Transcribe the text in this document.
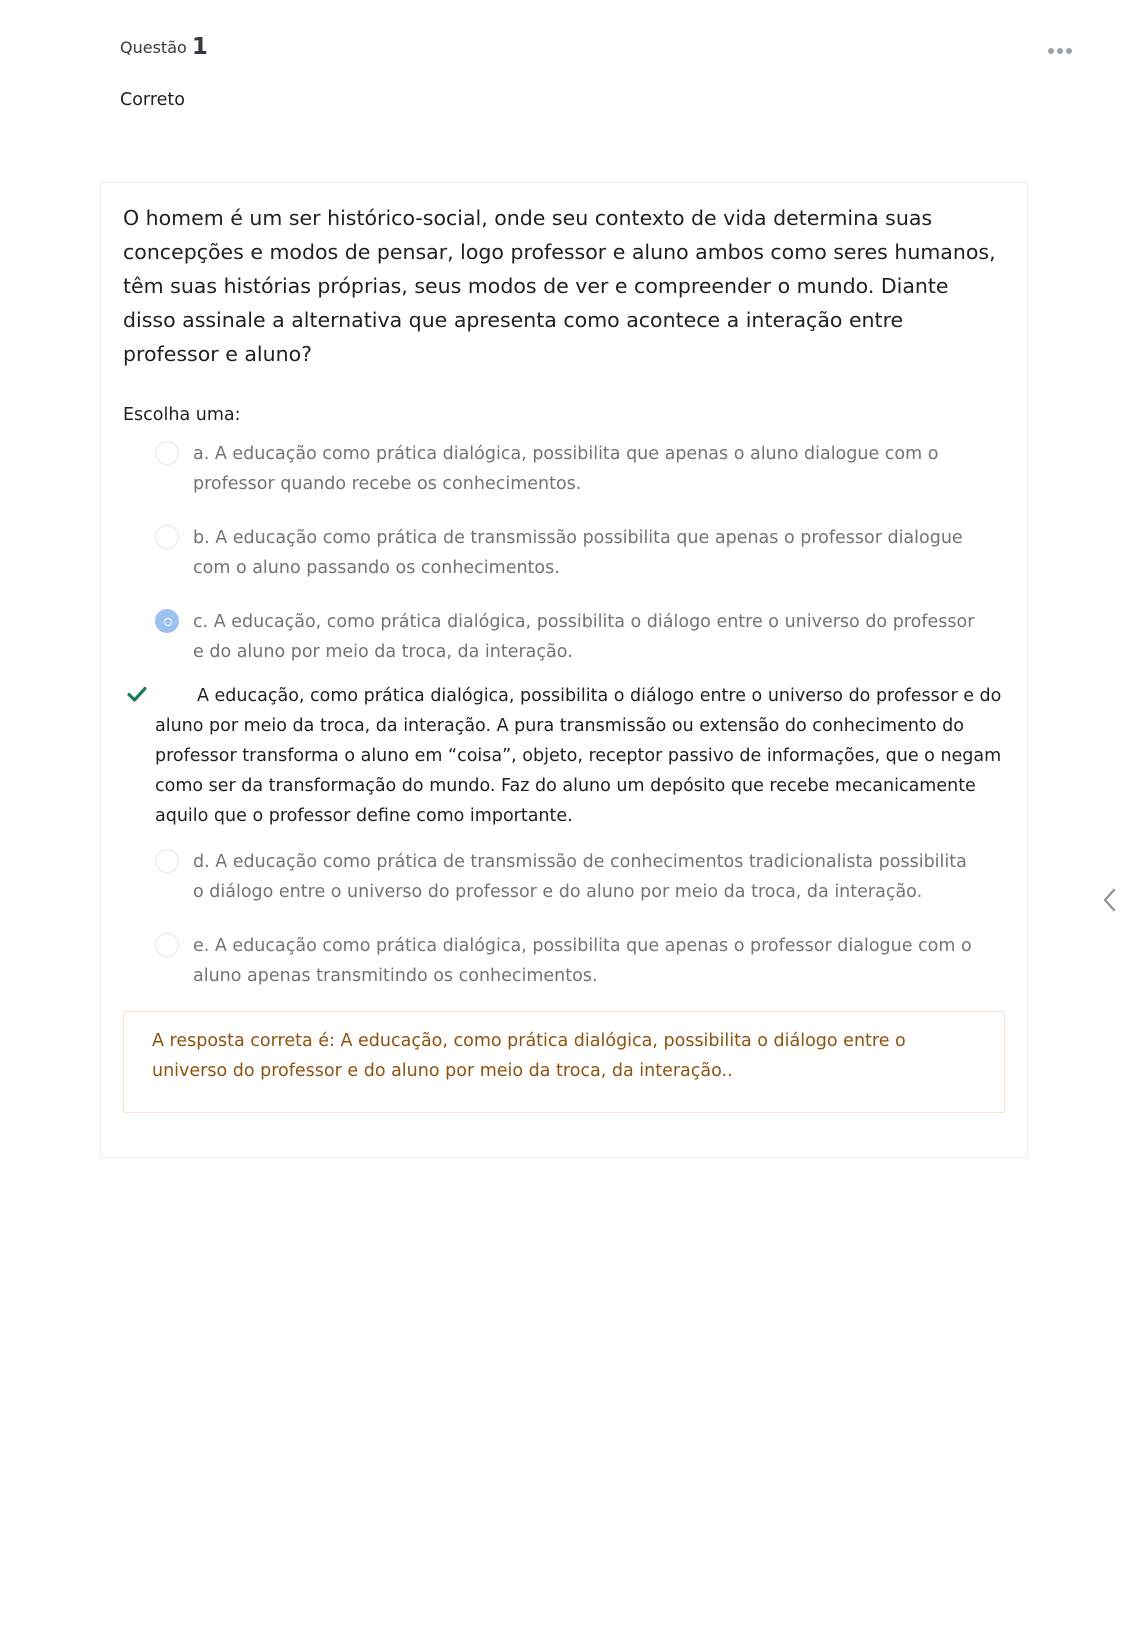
Questão 1
Correto
O homem é um ser histórico-social, onde seu contexto de vida determina suas concepções e modos de pensar, logo professor e aluno ambos como seres humanos, têm suas histórias próprias, seus modos de ver e compreender o mundo. Diante disso assinale a alternativa que apresenta como acontece a interação entre professor e aluno?
Escolha uma:
a. A educação como prática dialógica, possibilita que apenas o aluno dialogue com o professor quando recebe os conhecimentos.
b. A educação como prática de transmissão possibilita que apenas o professor dialogue com o aluno passando os conhecimentos.
c. A educação, como prática dialógica, possibilita o diálogo entre o universo do professor e do aluno por meio da troca, da interação.
A educação, como prática dialógica, possibilita o diálogo entre o universo do professor e do aluno por meio da troca, da interação. A pura transmissão ou extensão do conhecimento do professor transforma o aluno em “coisa”, objeto, receptor passivo de informações, que o negam como ser da transformação do mundo. Faz do aluno um depósito que recebe mecanicamente aquilo que o professor define como importante.
d. A educação como prática de transmissão de conhecimentos tradicionalista possibilita o diálogo entre o universo do professor e do aluno por meio da troca, da interação.
e. A educação como prática dialógica, possibilita que apenas o professor dialogue com o aluno apenas transmitindo os conhecimentos.
A resposta correta é: A educação, como prática dialógica, possibilita o diálogo entre o universo do professor e do aluno por meio da troca, da interação..
